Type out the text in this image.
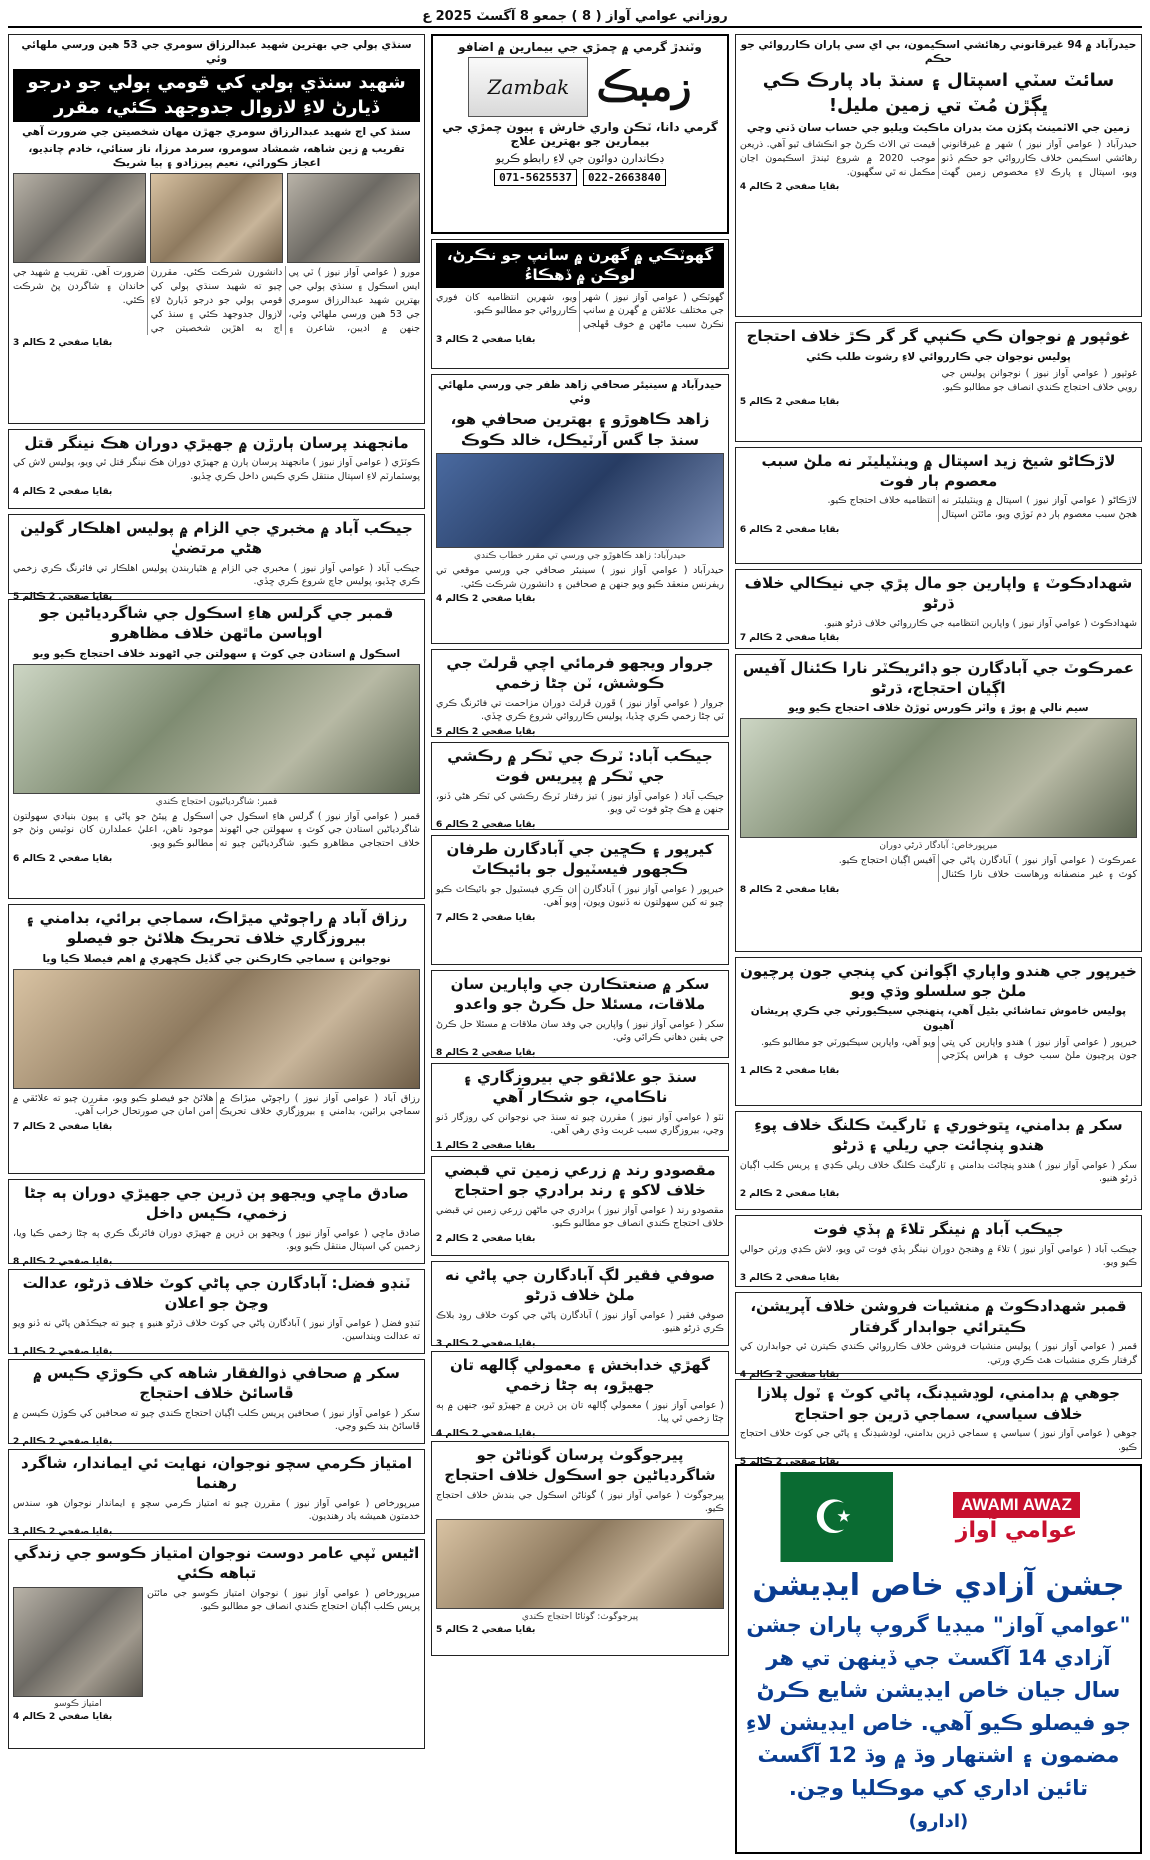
روزاني عوامي آواز ( 8 ) جمعو 8 آگسٽ 2025 ع
حيدرآباد ۾ 94 غيرقانوني رهائشي اسڪيمون، بي اي سي پاران ڪارروائي جو حڪم
سائٽ سٽي اسپتال ۽ سنڌ باد پارڪ ڪي ڀڳڙن مُٽ تي زمين مليل!
زمين جي الاٽمينٽ پکڙن مٽ بدران ماڪيٽ ويليو جي حساب سان ڏني وڃي
حيدرآباد ( عوامي آواز نيوز ) شهر ۾ غيرقانوني رهائشي اسڪيمن خلاف ڪارروائي جو حڪم ڏنو ويو، اسپتال ۽ پارڪ لاءِ مخصوص زمين گهٽ قيمت تي الاٽ ڪرڻ جو انڪشاف ٿيو آهي. ذريعن موجب 2020 ۾ شروع ٿيندڙ اسڪيمون اڃان مڪمل نه ٿي سگهيون.
بقايا صفحي 2 ڪالم 4
غوثپور ۾ نوجوان ڪي ڪنپي گر گر ڪڙ خلاف احتجاج
پوليس نوجوان جي ڪارروائي لاءِ رشوت طلب ڪئي
غوثپور ( عوامي آواز نيوز ) نوجوانن پوليس جي رويي خلاف احتجاج ڪندي انصاف جو مطالبو ڪيو.
بقايا صفحي 2 ڪالم 5
لاڙڪاڻو شيخ زيد اسپتال ۾ وينٽيليٽر نه ملڻ سبب معصوم ٻار فوت
لاڙڪاڻو ( عوامي آواز نيوز ) اسپتال ۾ وينٽيليٽر نه هجڻ سبب معصوم ٻار دم ٽوڙي ويو، مائٽن اسپتال انتظاميه خلاف احتجاج ڪيو.
بقايا صفحي 2 ڪالم 6
شهدادڪوٽ ۽ واپارين جو مال پڙي جي نيڪالي خلاف ڌرڻو
شهدادڪوٽ ( عوامي آواز نيوز ) واپارين انتظاميه جي ڪارروائي خلاف ڌرڻو هنيو.
بقايا صفحي 2 ڪالم 7
عمرڪوٽ جي آبادگارن جو ڊائريڪٽر نارا ڪئنال آفيس اڳيان احتجاج، ڌرڻو
سيم نالي ۾ ٻوڙ ۽ واٽر ڪورس ٽوڙڻ خلاف احتجاج ڪيو ويو
ميرپورخاص: آبادگار ڌرڻي دوران
عمرڪوٽ ( عوامي آواز نيوز ) آبادگارن پاڻي جي کوٽ ۽ غير منصفانه ورهاست خلاف نارا ڪئنال آفيس اڳيان احتجاج ڪيو.
بقايا صفحي 2 ڪالم 8
خيرپور جي هندو واپاري اڳوانن کي پنجي جون پرچيون ملڻ جو سلسلو وڌي ويو
پوليس خاموش تماشائي بڻيل آهي، پنهنجي سيڪيورٽي جي ڪري پريشان آهيون
خيرپور ( عوامي آواز نيوز ) هندو واپارين کي ڀتي جون پرچيون ملڻ سبب خوف ۽ هراس پکڙجي ويو آهي، واپارين سيڪيورٽي جو مطالبو ڪيو.
بقايا صفحي 2 ڪالم 1
سکر ۾ بدامني، ڀتوخوري ۽ ٽارگيٽ ڪلنگ خلاف پوءِ هندو پنچائت جي ريلي ۽ ڌرڻو
سکر ( عوامي آواز نيوز ) هندو پنچائت بدامني ۽ ٽارگيٽ ڪلنگ خلاف ريلي ڪڍي ۽ پريس ڪلب اڳيان ڌرڻو هنيو.
بقايا صفحي 2 ڪالم 2
جيڪب آباد ۾ نينگر تلاءَ ۾ ٻڏي فوت
جيڪب آباد ( عوامي آواز نيوز ) تلاءَ ۾ وهنجڻ دوران نينگر ٻڏي فوت ٿي ويو، لاش ڪڍي ورثن حوالي ڪيو ويو.
بقايا صفحي 2 ڪالم 3
قمبر شهدادڪوٽ ۾ منشيات فروشن خلاف آپريشن، ڪيترائي جوابدار گرفتار
قمبر ( عوامي آواز نيوز ) پوليس منشيات فروشن خلاف ڪارروائي ڪندي ڪيترن ئي جوابدارن کي گرفتار ڪري منشيات هٿ ڪري ورتي.
بقايا صفحي 2 ڪالم 4
جوهي ۾ بدامني، لوڊشيڊنگ، پاڻي کوٽ ۽ ٽول پلازا خلاف سياسي، سماجي ڌرين جو احتجاج
جوهي ( عوامي آواز نيوز ) سياسي ۽ سماجي ڌرين بدامني، لوڊشيڊنگ ۽ پاڻي جي کوٽ خلاف احتجاج ڪيو.
بقايا صفحي 2 ڪالم 5
AWAMI AWAZ
عوامي آواز
☪
جشن آزادي خاص ايڊيشن
"عوامي آواز" ميڊيا گروپ پاران جشن آزادي 14 آگسٽ جي ڏينهن تي هر سال جيان خاص ايڊيشن شايع ڪرڻ جو فيصلو ڪيو آهي. خاص ايڊيشن لاءِ مضمون ۽ اشتهار وڌ ۾ وڌ 12 آگسٽ تائين اداري کي موڪليا وڃن.
(ادارو)
وٽندڙ گرمي ۾ چمڙي جي بيمارين ۾ اضافو
زمبڪ
Zambak
گرمي دانا، ٽڪن واري خارش ۽ ٻيون چمڙي جي بيمارين جو بهترين علاج
ڊڪاندارن دوائون جي لاءِ رابطو ڪريو
071-5625537	022-2663840
گهوٽڪي ۾ گهرن ۾ سانپ جو نڪرڻ، لوڪن ۾ ڏهڪاءُ
گهوٽڪي ( عوامي آواز نيوز ) شهر جي مختلف علائقن ۾ گهرن ۾ سانپ نڪرڻ سبب ماڻهن ۾ خوف ڦهلجي ويو، شهرين انتظاميه کان فوري ڪارروائي جو مطالبو ڪيو.
بقايا صفحي 2 ڪالم 3
حيدرآباد ۾ سينيئر صحافي زاهد ظفر جي ورسي ملهائي وئي
زاهد ڪاهوڙو ۽ بهترين صحافي هو، سنڌ جا گس آرٽيڪل، خالد ڪوڪ
حيدرآباد: زاهد ڪاهوڙو جي ورسي تي مقرر خطاب ڪندي
حيدرآباد ( عوامي آواز نيوز ) سينيئر صحافي جي ورسي موقعي تي ريفرنس منعقد ڪيو ويو جنهن ۾ صحافين ۽ دانشورن شرڪت ڪئي.
بقايا صفحي 2 ڪالم 4
جروار ويجهو فرمائي اچي ڦرلٽ جي ڪوشش، ٽن ڄڻا زخمي
جروار ( عوامي آواز نيوز ) ڦورن ڦرلٽ دوران مزاحمت تي فائرنگ ڪري ٽي ڄڻا زخمي ڪري ڇڏيا، پوليس ڪارروائي شروع ڪري ڇڏي.
بقايا صفحي 2 ڪالم 5
جيڪب آباد: ٽرڪ جي ٽڪر ۾ رڪشي جي ٽڪر ۾ پيريس فوت
جيڪب آباد ( عوامي آواز نيوز ) تيز رفتار ٽرڪ رڪشي کي ٽڪر هڻي ڏنو، جنهن ۾ هڪ ڄڻو فوت ٿي ويو.
بقايا صفحي 2 ڪالم 6
کيرپور ۽ ڪڇين جي آبادگارن طرفان ڪجھور فيسٽيول جو بائيڪاٽ
خيرپور ( عوامي آواز نيوز ) آبادگارن چيو ته کين سهولتون نه ڏنيون ويون، ان ڪري فيسٽيول جو بائيڪاٽ ڪيو ويو آهي.
بقايا صفحي 2 ڪالم 7
سکر ۾ صنعتڪارن جي واپارين سان ملاقات، مسئلا حل ڪرڻ جو واعدو
سکر ( عوامي آواز نيوز ) واپارين جي وفد سان ملاقات ۾ مسئلا حل ڪرڻ جي يقين دهاني ڪرائي وئي.
بقايا صفحي 2 ڪالم 8
سنڌ جو علائقو جي بيروزگاري ۽ ناڪامي، جو شڪار آهي
ٺٽو ( عوامي آواز نيوز ) مقررن چيو ته سنڌ جي نوجوانن کي روزگار ڏنو وڃي، بيروزگاري سبب غربت وڌي رهي آهي.
بقايا صفحي 2 ڪالم 1
مقصودو رند ۾ زرعي زمين تي قبضي خلاف لاکو ۽ رند برادري جو احتجاج
مقصودو رند ( عوامي آواز نيوز ) برادري جي ماڻهن زرعي زمين تي قبضي خلاف احتجاج ڪندي انصاف جو مطالبو ڪيو.
بقايا صفحي 2 ڪالم 2
صوفي فقير لڳ آبادگارن جي پاڻي نه ملڻ خلاف ڌرڻو
صوفي فقير ( عوامي آواز نيوز ) آبادگارن پاڻي جي کوٽ خلاف روڊ بلاڪ ڪري ڌرڻو هنيو.
بقايا صفحي 2 ڪالم 3
گهڙي خدابخش ۽ معمولي ڳالهه تان جهيڙو، ٻه ڄڻا زخمي
( عوامي آواز نيوز ) معمولي ڳالهه تان ٻن ڌرين ۾ جهيڙو ٿيو، جنهن ۾ ٻه ڄڻا زخمي ٿي پيا.
بقايا صفحي 2 ڪالم 4
پيرجوگوٺ پرسان گوٺاڻن جو شاگردياڻين جو اسڪول خلاف احتجاج
پيرجوگوٺ ( عوامي آواز نيوز ) گوٺاڻن اسڪول جي بندش خلاف احتجاج ڪيو.
پيرجوگوٺ: گوٺاڻا احتجاج ڪندي
بقايا صفحي 2 ڪالم 5
سنڌي ٻولي جي بهترين شهيد عبدالرزاق سومري جي 53 هين ورسي ملهائي وئي
شهيد سنڌي ٻولي کي قومي ٻولي جو درجو ڏيارڻ لاءِ لازوال جدوجهد ڪئي، مقرر
سنڌ کي اڄ شهيد عبدالرزاق سومري جهڙن مهان شخصيتن جي ضرورت آهي
تقريب ۾ زين شاهه، شمشاد سومرو، سرمد مرزا، ناز سنائي، خادم چانڊيو، اعجاز ڪورائي، نعيم پيرزادو ۽ ٻيا شريڪ
مورو ( عوامي آواز نيوز ) ٽي پي ايس اسڪول ۽ سنڌي ٻولي جي بهترين شهيد عبدالرزاق سومري جي 53 هين ورسي ملهائي وئي، جنهن ۾ اديبن، شاعرن ۽ دانشورن شرڪت ڪئي. مقررن چيو ته شهيد سنڌي ٻولي کي قومي ٻولي جو درجو ڏيارڻ لاءِ لازوال جدوجهد ڪئي ۽ سنڌ کي اڄ به اهڙين شخصيتن جي ضرورت آهي. تقريب ۾ شهيد جي خاندان ۽ شاگردن پڻ شرڪت ڪئي.
بقايا صفحي 2 ڪالم 3
مانجهند پرسان ٻارڙن ۾ جهيڙي دوران هڪ نينگر قتل
ڪوٽڙي ( عوامي آواز نيوز ) مانجهند پرسان ٻارن ۾ جهيڙي دوران هڪ نينگر قتل ٿي ويو، پوليس لاش کي پوسٽمارٽم لاءِ اسپتال منتقل ڪري ڪيس داخل ڪري ڇڏيو.
بقايا صفحي 2 ڪالم 4
جيڪب آباد ۾ مخبري جي الزام ۾ پوليس اهلڪار گولين هڻي مرتضيٰ
جيڪب آباد ( عوامي آواز نيوز ) مخبري جي الزام ۾ هٿياربندن پوليس اهلڪار تي فائرنگ ڪري زخمي ڪري ڇڏيو، پوليس جاچ شروع ڪري ڇڏي.
بقايا صفحي 2 ڪالم 5
قمبر جي گرلس هاءِ اسڪول جي شاگردياڻين جو اوٻاسن ماٿهن خلاف مظاهرو
اسڪول ۾ استادن جي کوٽ ۽ سهولتن جي اڻهوند خلاف احتجاج ڪيو ويو
قمبر: شاگردياڻيون احتجاج ڪندي
قمبر ( عوامي آواز نيوز ) گرلس هاءِ اسڪول جي شاگردياڻين استادن جي کوٽ ۽ سهولتن جي اڻهوند خلاف احتجاجي مظاهرو ڪيو. شاگردياڻين چيو ته اسڪول ۾ پيئڻ جو پاڻي ۽ ٻيون بنيادي سهولتون موجود ناهن، اعليٰ عملدارن کان نوٽيس وٺڻ جو مطالبو ڪيو ويو.
بقايا صفحي 2 ڪالم 6
رزاق آباد ۾ راڄوڻي ميڙاڪ، سماجي برائي، بدامني ۽ بيروزگاري خلاف تحريڪ هلائڻ جو فيصلو
نوجوانن ۽ سماجي ڪارڪنن جي گڏيل ڪچهري ۾ اهم فيصلا ڪيا ويا
رزاق آباد ( عوامي آواز نيوز ) راڄوڻي ميڙاڪ ۾ سماجي برائين، بدامني ۽ بيروزگاري خلاف تحريڪ هلائڻ جو فيصلو ڪيو ويو، مقررن چيو ته علائقي ۾ امن امان جي صورتحال خراب آهي.
بقايا صفحي 2 ڪالم 7
صادق ماڇي ويجهو ٻن ڌرين جي جهيڙي دوران ٻه ڄڻا زخمي، ڪيس داخل
صادق ماڇي ( عوامي آواز نيوز ) ويجهو ٻن ڌرين ۾ جهيڙي دوران فائرنگ ڪري ٻه ڄڻا زخمي ڪيا ويا، زخمين کي اسپتال منتقل ڪيو ويو.
بقايا صفحي 2 ڪالم 8
ٽنڊو فضل: آبادگارن جي پاڻي کوٽ خلاف ڌرڻو، عدالت وڃڻ جو اعلان
ٽنڊو فضل ( عوامي آواز نيوز ) آبادگارن پاڻي جي کوٽ خلاف ڌرڻو هنيو ۽ چيو ته جيڪڏهن پاڻي نه ڏنو ويو ته عدالت وينداسين.
بقايا صفحي 2 ڪالم 1
سکر ۾ صحافي ذوالفقار شاهه کي ڪوڙي ڪيس ۾ ڦاسائڻ خلاف احتجاج
سکر ( عوامي آواز نيوز ) صحافين پريس ڪلب اڳيان احتجاج ڪندي چيو ته صحافين کي ڪوڙن ڪيسن ۾ ڦاسائڻ بند ڪيو وڃي.
بقايا صفحي 2 ڪالم 2
امتياز ڪرمي سچو نوجوان، نهايت ئي ايماندار، شاگرد رهنما
ميرپورخاص ( عوامي آواز نيوز ) مقررن چيو ته امتياز ڪرمي سچو ۽ ايماندار نوجوان هو، سندس خدمتون هميشه ياد رهنديون.
بقايا صفحي 2 ڪالم 3
اڻيس ٽپي عامر دوست نوجوان امتياز ڪوسو جي زندگي تباهه ڪئي
ميرپورخاص ( عوامي آواز نيوز ) نوجوان امتياز ڪوسو جي مائٽن پريس ڪلب اڳيان احتجاج ڪندي انصاف جو مطالبو ڪيو.
امتياز ڪوسو
بقايا صفحي 2 ڪالم 4
